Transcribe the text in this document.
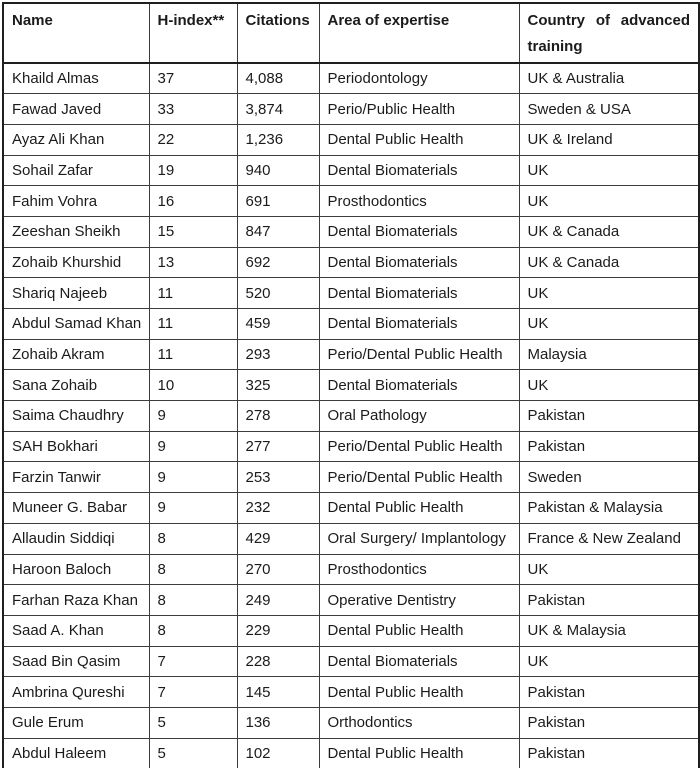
Name	H-index**	Citations	Area of expertise	Country of advanced training
Khaild Almas	37	4,088	Periodontology	UK & Australia
Fawad Javed	33	3,874	Perio/Public Health	Sweden & USA
Ayaz Ali Khan	22	1,236	Dental Public Health	UK & Ireland
Sohail Zafar	19	940	Dental Biomaterials	UK
Fahim Vohra	16	691	Prosthodontics	UK
Zeeshan Sheikh	15	847	Dental Biomaterials	UK & Canada
Zohaib Khurshid	13	692	Dental Biomaterials	UK & Canada
Shariq Najeeb	11	520	Dental Biomaterials	UK
Abdul Samad Khan	11	459	Dental Biomaterials	UK
Zohaib Akram	11	293	Perio/Dental Public Health	Malaysia
Sana Zohaib	10	325	Dental Biomaterials	UK
Saima Chaudhry	9	278	Oral Pathology	Pakistan
SAH Bokhari	9	277	Perio/Dental Public Health	Pakistan
Farzin Tanwir	9	253	Perio/Dental Public Health	Sweden
Muneer G. Babar	9	232	Dental Public Health	Pakistan & Malaysia
Allaudin Siddiqi	8	429	Oral Surgery/ Implantology	France & New Zealand
Haroon Baloch	8	270	Prosthodontics	UK
Farhan Raza Khan	8	249	Operative Dentistry	Pakistan
Saad A. Khan	8	229	Dental Public Health	UK & Malaysia
Saad Bin Qasim	7	228	Dental Biomaterials	UK
Ambrina Qureshi	7	145	Dental Public Health	Pakistan
Gule Erum	5	136	Orthodontics	Pakistan
Abdul Haleem	5	102	Dental Public Health	Pakistan
